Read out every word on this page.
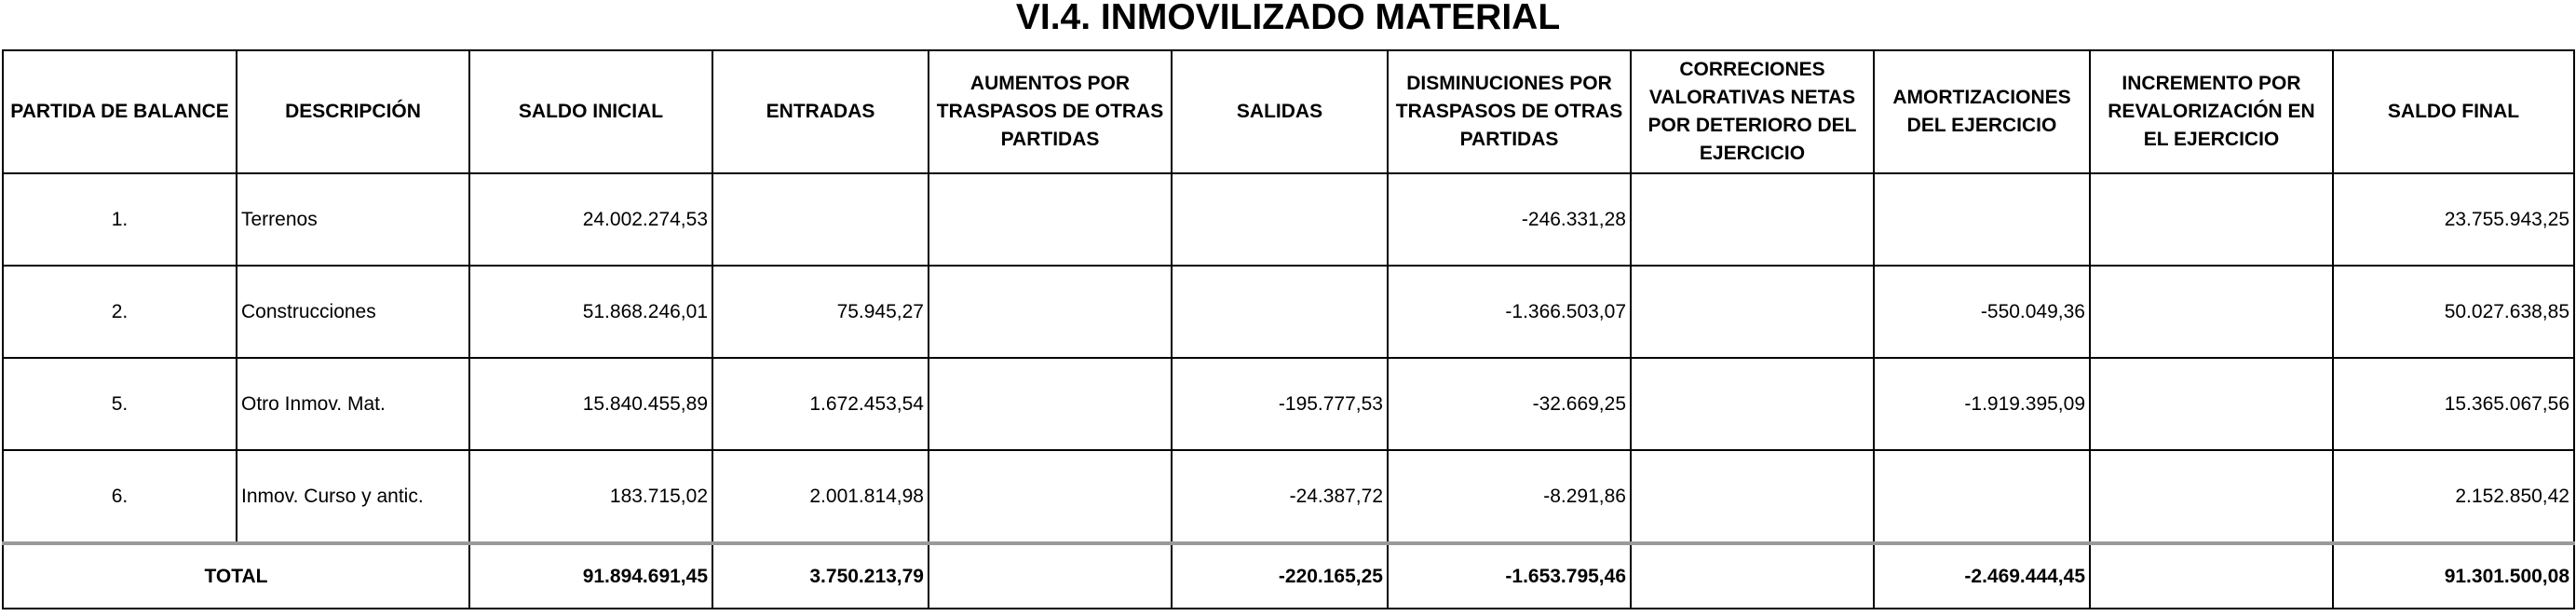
VI.4. INMOVILIZADO MATERIAL
PARTIDA DE BALANCE	DESCRIPCIÓN	SALDO INICIAL	ENTRADAS	AUMENTOS POR TRASPASOS DE OTRAS PARTIDAS	SALIDAS	DISMINUCIONES POR TRASPASOS DE OTRAS PARTIDAS	CORRECIONES VALORATIVAS NETAS POR DETERIORO DEL EJERCICIO	AMORTIZACIONES DEL EJERCICIO	INCREMENTO POR REVALORIZACIÓN EN EL EJERCICIO	SALDO FINAL
1.	Terrenos	24.002.274,53				-246.331,28				23.755.943,25
2.	Construcciones	51.868.246,01	75.945,27			-1.366.503,07		-550.049,36		50.027.638,85
5.	Otro Inmov. Mat.	15.840.455,89	1.672.453,54		-195.777,53	-32.669,25		-1.919.395,09		15.365.067,56
6.	Inmov. Curso y antic.	183.715,02	2.001.814,98		-24.387,72	-8.291,86				2.152.850,42
TOTAL		91.894.691,45	3.750.213,79		-220.165,25	-1.653.795,46		-2.469.444,45		91.301.500,08
